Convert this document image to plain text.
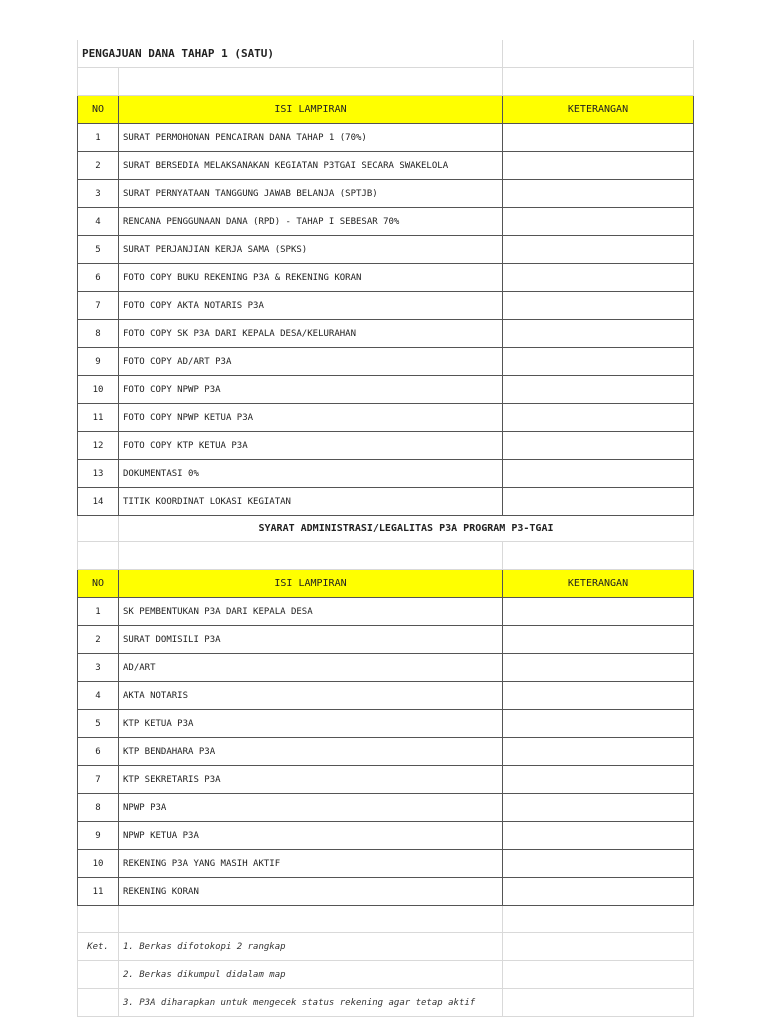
PENGAJUAN DANA TAHAP 1 (SATU)		

NO	ISI LAMPIRAN	KETERANGAN
1	SURAT PERMOHONAN PENCAIRAN DANA TAHAP 1 (70%)	
2	SURAT BERSEDIA MELAKSANAKAN KEGIATAN P3TGAI SECARA SWAKELOLA	
3	SURAT PERNYATAAN TANGGUNG JAWAB BELANJA (SPTJB)	
4	RENCANA PENGGUNAAN DANA (RPD) - TAHAP I SEBESAR 70%	
5	SURAT PERJANJIAN KERJA SAMA (SPKS)	
6	FOTO COPY BUKU REKENING P3A & REKENING KORAN	
7	FOTO COPY AKTA NOTARIS P3A	
8	FOTO COPY SK P3A DARI KEPALA DESA/KELURAHAN	
9	FOTO COPY AD/ART P3A	
10	FOTO COPY NPWP P3A	
11	FOTO COPY NPWP KETUA P3A	
12	FOTO COPY KTP KETUA P3A	
13	DOKUMENTASI 0%	
14	TITIK KOORDINAT LOKASI KEGIATAN	
	SYARAT ADMINISTRASI/LEGALITAS P3A PROGRAM P3-TGAI	

NO	ISI LAMPIRAN	KETERANGAN
1	SK PEMBENTUKAN P3A DARI KEPALA DESA	
2	SURAT DOMISILI P3A	
3	AD/ART	
4	AKTA NOTARIS	
5	KTP KETUA P3A	
6	KTP BENDAHARA P3A	
7	KTP SEKRETARIS P3A	
8	NPWP P3A	
9	NPWP KETUA P3A	
10	REKENING P3A YANG MASIH AKTIF	
11	REKENING KORAN	

Ket.	1. Berkas difotokopi 2 rangkap	
	2. Berkas dikumpul didalam map	
	3. P3A diharapkan untuk mengecek status rekening agar tetap aktif	
